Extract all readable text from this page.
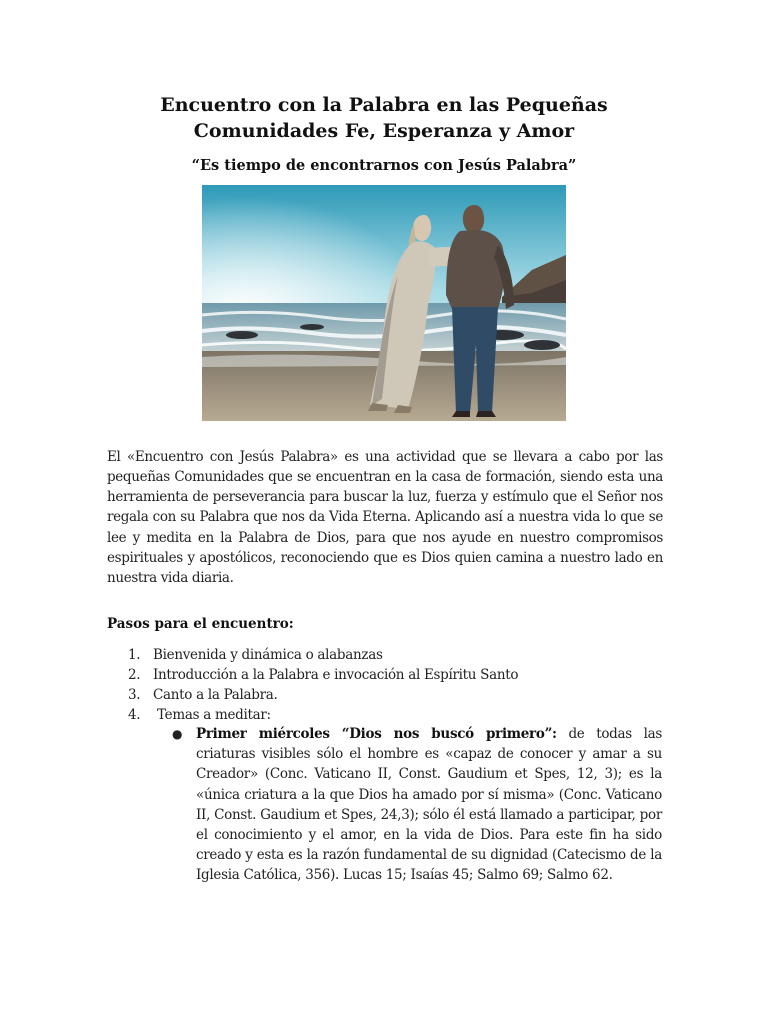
Encuentro con la Palabra en las Pequeñas
Comunidades Fe, Esperanza y Amor
“Es tiempo de encontrarnos con Jesús Palabra”

El «Encuentro con Jesús Palabra» es una actividad que se llevara a cabo por las pequeñas Comunidades que se encuentran en la casa de formación, siendo esta una herramienta de perseverancia para buscar la luz, fuerza y estímulo que el Señor nos regala con su Palabra que nos da Vida Eterna. Aplicando así a nuestra vida lo que se lee y medita en la Palabra de Dios, para que nos ayude en nuestro compromisos espirituales y apostólicos, reconociendo que es Dios quien camina a nuestro lado en nuestra vida diaria.

Pasos para el encuentro:
1. Bienvenida y dinámica o alabanzas
2. Introducción a la Palabra e invocación al Espíritu Santo
3. Canto a la Palabra.
4. Temas a meditar:
● Primer miércoles “Dios nos buscó primero”: de todas las criaturas visibles sólo el hombre es «capaz de conocer y amar a su Creador» (Conc. Vaticano II, Const. Gaudium et Spes, 12, 3); es la «única criatura a la que Dios ha amado por sí misma» (Conc. Vaticano II, Const. Gaudium et Spes, 24,3); sólo él está llamado a participar, por el conocimiento y el amor, en la vida de Dios. Para este fin ha sido creado y esta es la razón fundamental de su dignidad (Catecismo de la Iglesia Católica, 356). Lucas 15; Isaías 45; Salmo 69; Salmo 62.
